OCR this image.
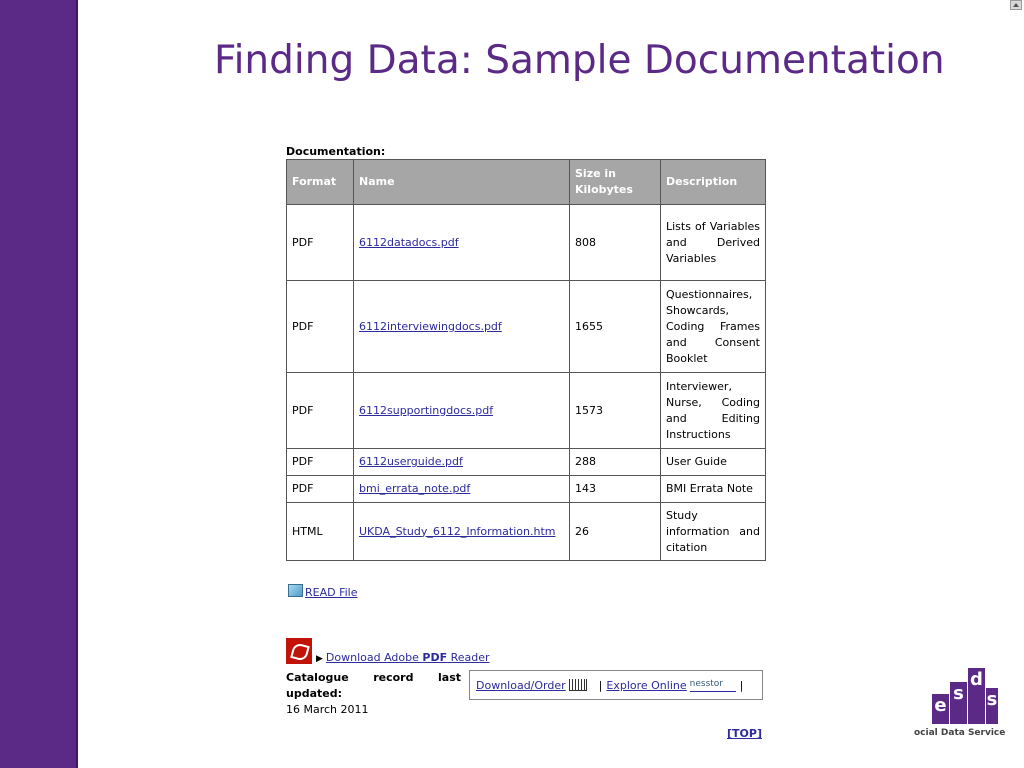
Finding Data: Sample Documentation
Documentation:
Format	Name	Size in Kilobytes	Description
PDF	6112datadocs.pdf	808	Lists of Variables and Derived Variables
PDF	6112interviewingdocs.pdf	1655	Questionnaires, Showcards, Coding Frames and Consent Booklet
PDF	6112supportingdocs.pdf	1573	Interviewer, Nurse, Coding and Editing Instructions
PDF	6112userguide.pdf	288	User Guide
PDF	bmi_errata_note.pdf	143	BMI Errata Note
HTML	UKDA_Study_6112_Information.htm	26	Study information and citation
READ File
▶ Download Adobe PDF Reader
Catalogue record last updated:
16 March 2011
Download/Order	| Explore Online nesstor	|
[TOP]
e
s
d
s
ocial Data Service
